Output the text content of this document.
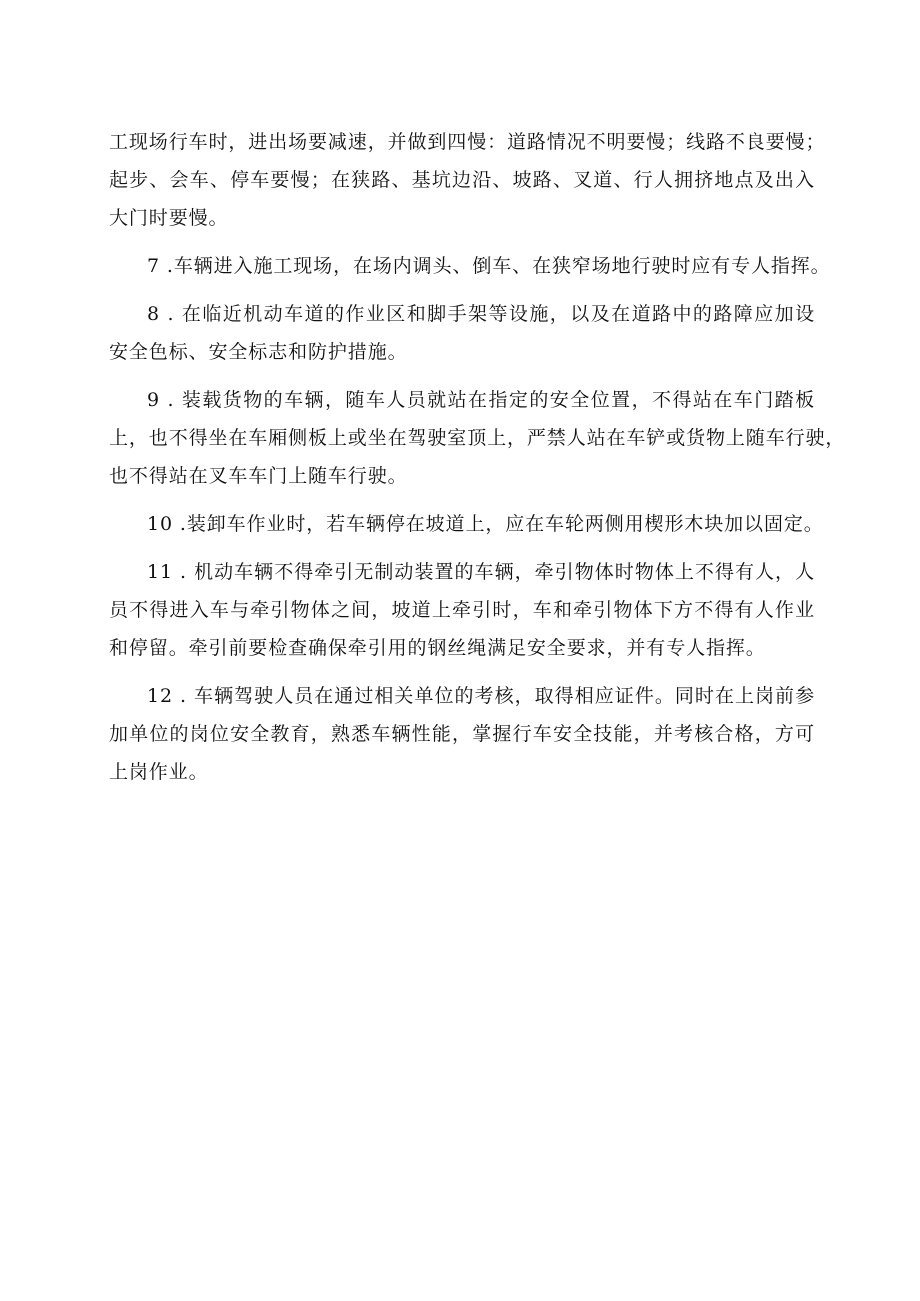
工现场行车时，进出场要减速，并做到四慢：道路情况不明要慢；线路不良要慢；
起步、会车、停车要慢；在狭路、基坑边沿、坡路、叉道、行人拥挤地点及出入
大门时要慢。
7 .车辆进入施工现场，在场内调头、倒车、在狭窄场地行驶时应有专人指挥。
8 . 在临近机动车道的作业区和脚手架等设施，以及在道路中的路障应加设
安全色标、安全标志和防护措施。
9 . 装载货物的车辆，随车人员就站在指定的安全位置，不得站在车门踏板
上，也不得坐在车厢侧板上或坐在驾驶室顶上，严禁人站在车铲或货物上随车行驶，
也不得站在叉车车门上随车行驶。
10 .装卸车作业时，若车辆停在坡道上，应在车轮两侧用楔形木块加以固定。
11 . 机动车辆不得牵引无制动装置的车辆，牵引物体时物体上不得有人，人
员不得进入车与牵引物体之间，坡道上牵引时，车和牵引物体下方不得有人作业
和停留。牵引前要检查确保牵引用的钢丝绳满足安全要求，并有专人指挥。
12 . 车辆驾驶人员在通过相关单位的考核，取得相应证件。同时在上岗前参
加单位的岗位安全教育，熟悉车辆性能，掌握行车安全技能，并考核合格，方可
上岗作业。
